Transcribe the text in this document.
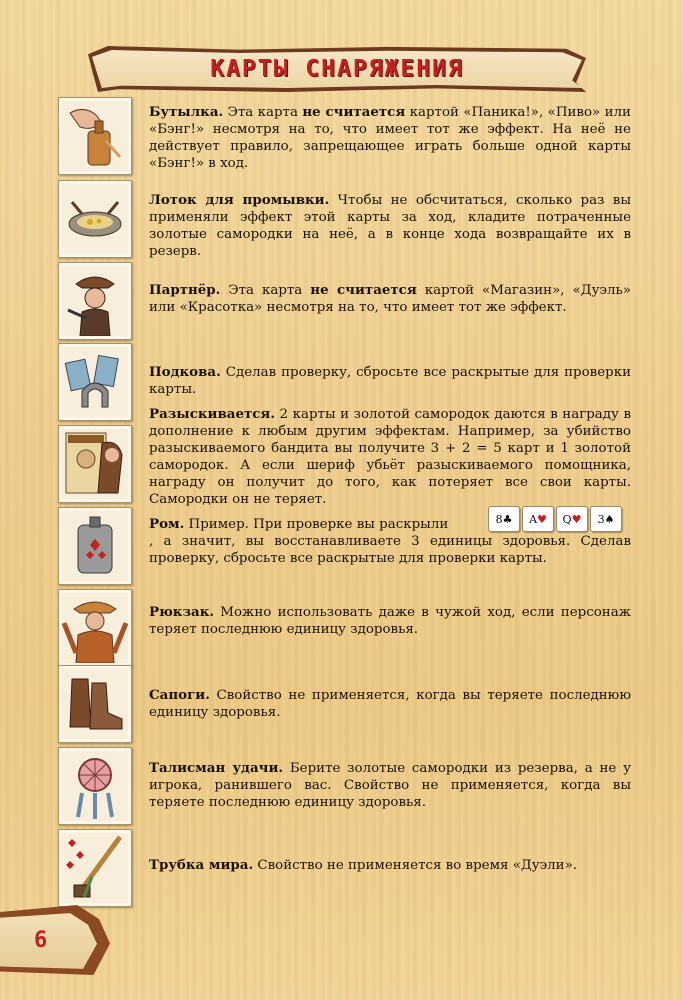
КАРТЫ СНАРЯЖЕНИЯ
Бутылка. Эта карта не считается картой «Паника!», «Пиво» или «Бэнг!» несмотря на то, что имеет тот же эффект. На неё не действует правило, запрещающее играть больше одной карты «Бэнг!» в ход.
Лоток для промывки. Чтобы не обсчитаться, сколько раз вы применяли эффект этой карты за ход, кладите потраченные золотые самородки на неё, а в конце хода возвращайте их в резерв.
Партнёр. Эта карта не считается картой «Магазин», «Дуэль» или «Красотка» несмотря на то, что имеет тот же эффект.
Подкова. Сделав проверку, сбросьте все раскрытые для проверки карты.
Разыскивается. 2 карты и золотой самородок даются в награду в дополнение к любым другим эффектам. Например, за убийство разыскиваемого бандита вы получите 3 + 2 = 5 карт и 1 золотой самородок. А если шериф убьёт разыскиваемого помощника, награду он получит до того, как потеряет все свои карты. Самородки он не теряет.
Ром. Пример. При проверке вы раскрыли	8 ♣ A ♥ Q ♥ 3 ♠
, а значит, вы восстанавливаете 3 единицы здоровья. Сделав проверку, сбросьте все раскрытые для проверки карты.
Рюкзак. Можно использовать даже в чужой ход, если персонаж теряет последнюю единицу здоровья.
Сапоги. Свойство не применяется, когда вы теряете последнюю единицу здоровья.
Талисман удачи. Берите золотые самородки из резерва, а не у игрока, ранившего вас. Свойство не применяется, когда вы теряете последнюю единицу здоровья.
Трубка мира. Свойство не применяется во время «Дуэли».
6
